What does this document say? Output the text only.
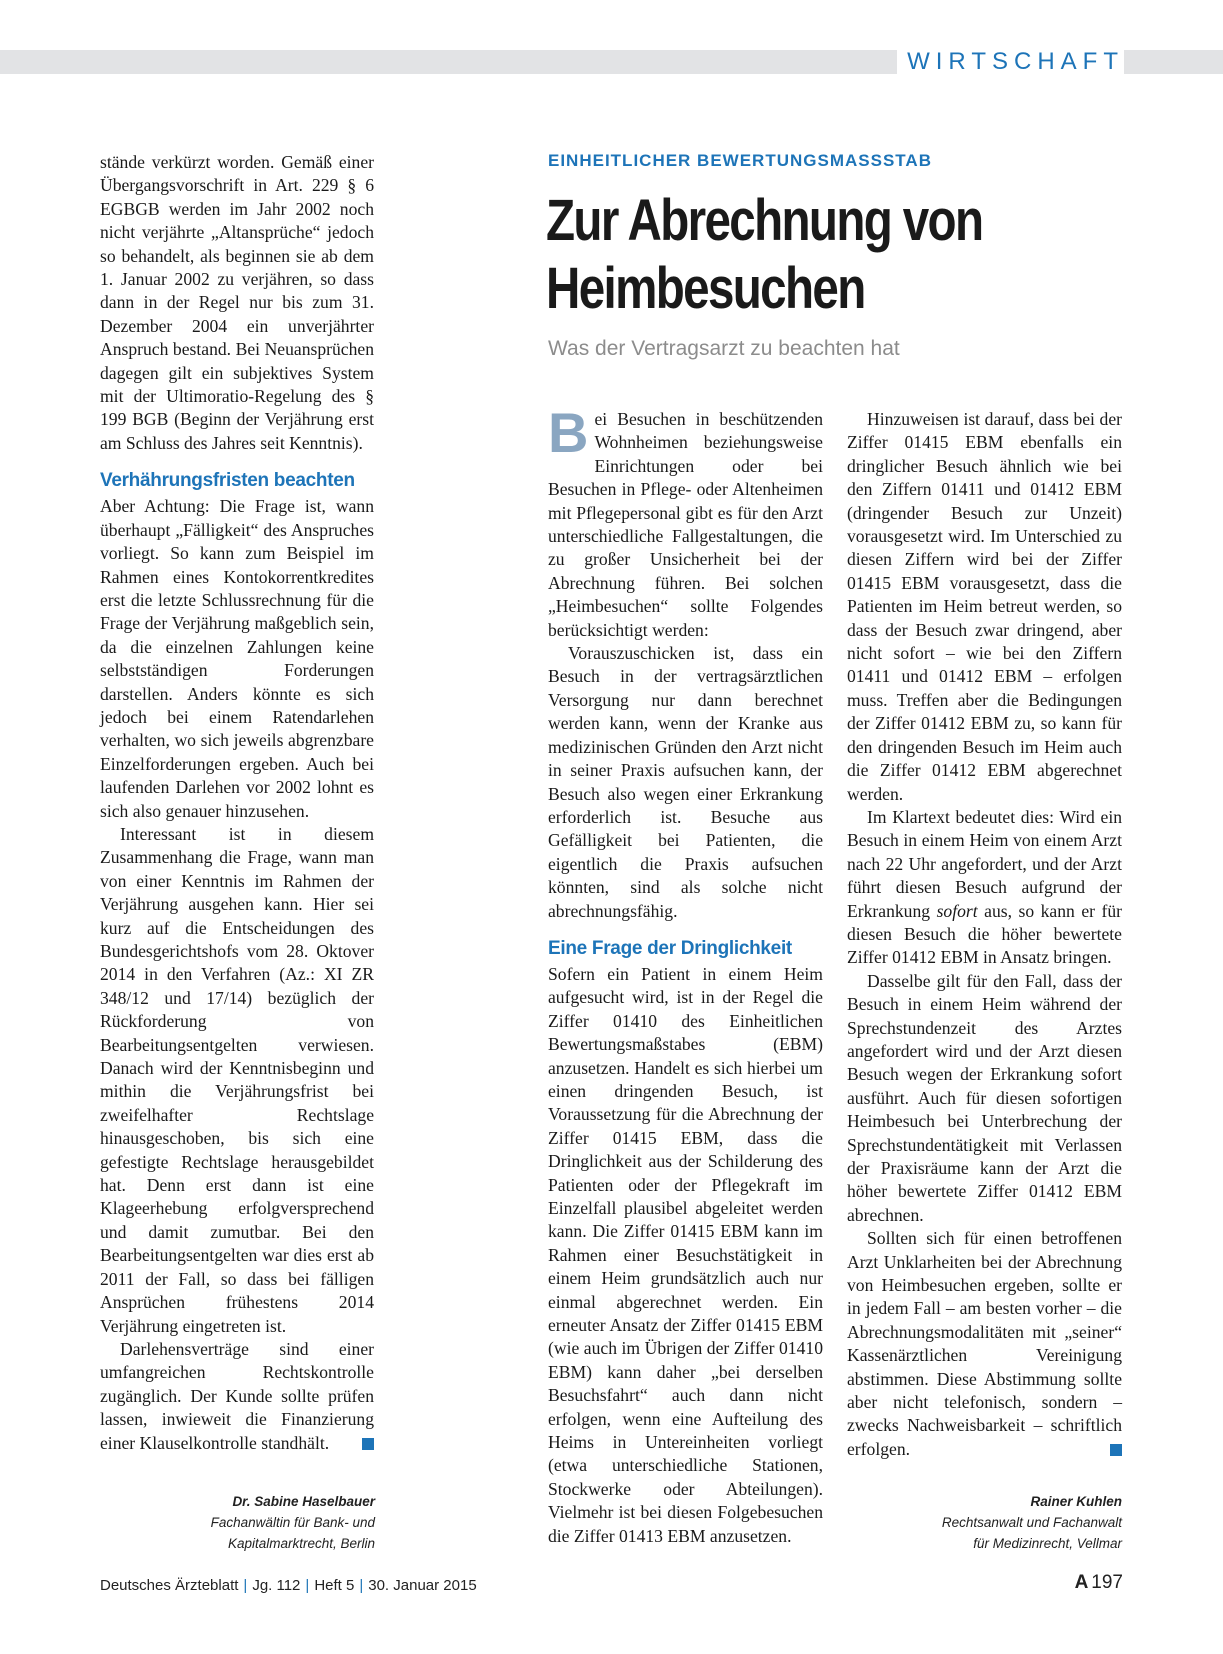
WIRTSCHAFT

stände verkürzt worden. Gemäß einer Übergangsvorschrift in Art. 229 § 6 EGBGB werden im Jahr 2002 noch nicht verjährte „Altansprüche“ jedoch so behandelt, als beginnen sie ab dem 1. Januar 2002 zu verjähren, so dass dann in der Regel nur bis zum 31. Dezember 2004 ein unverjährter Anspruch bestand. Bei Neuansprüchen dagegen gilt ein subjektives System mit der Ultimoratio-Regelung des § 199 BGB (Beginn der Verjährung erst am Schluss des Jahres seit Kenntnis).

Verhährungsfristen beachten

Aber Achtung: Die Frage ist, wann überhaupt „Fälligkeit“ des Anspruches vorliegt. So kann zum Beispiel im Rahmen eines Kontokorrentkredites erst die letzte Schlussrechnung für die Frage der Verjährung maßgeblich sein, da die einzelnen Zahlungen keine selbstständigen Forderungen darstellen. Anders könnte es sich jedoch bei einem Ratendarlehen verhalten, wo sich jeweils abgrenzbare Einzelforderungen ergeben. Auch bei laufenden Darlehen vor 2002 lohnt es sich also genauer hinzusehen.

Interessant ist in diesem Zusammenhang die Frage, wann man von einer Kenntnis im Rahmen der Verjährung ausgehen kann. Hier sei kurz auf die Entscheidungen des Bundesgerichtshofs vom 28. Oktover 2014 in den Verfahren (Az.: XI ZR 348/12 und 17/14) bezüglich der Rückforderung von Bearbeitungsentgelten verwiesen. Danach wird der Kenntnisbeginn und mithin die Verjährungsfrist bei zweifelhafter Rechtslage hinausgeschoben, bis sich eine gefestigte Rechtslage herausgebildet hat. Denn erst dann ist eine Klageerhebung erfolgversprechend und damit zumutbar. Bei den Bearbeitungsentgelten war dies erst ab 2011 der Fall, so dass bei fälligen Ansprüchen frühestens 2014 Verjährung eingetreten ist.

Darlehensverträge sind einer umfangreichen Rechtskontrolle zugänglich. Der Kunde sollte prüfen lassen, inwieweit die Finanzierung einer Klauselkontrolle standhält.

Dr. Sabine Haselbauer
Fachanwältin für Bank- und
Kapitalmarktrecht, Berlin
EINHEITLICHER BEWERTUNGSMASSSTAB
Zur Abrechnung von
Heimbesuchen
Was der Vertragsarzt zu beachten hat

Bei Besuchen in beschützenden Wohnheimen beziehungsweise Einrichtungen oder bei Besuchen in Pflege- oder Altenheimen mit Pflegepersonal gibt es für den Arzt unterschiedliche Fallgestaltungen, die zu großer Unsicherheit bei der Abrechnung führen. Bei solchen „Heimbesuchen“ sollte Folgendes berücksichtigt werden:

Vorauszuschicken ist, dass ein Besuch in der vertragsärztlichen Versorgung nur dann berechnet werden kann, wenn der Kranke aus medizinischen Gründen den Arzt nicht in seiner Praxis aufsuchen kann, der Besuch also wegen einer Erkrankung erforderlich ist. Besuche aus Gefälligkeit bei Patienten, die eigentlich die Praxis aufsuchen könnten, sind als solche nicht abrechnungsfähig.

Eine Frage der Dringlichkeit

Sofern ein Patient in einem Heim aufgesucht wird, ist in der Regel die Ziffer 01410 des Einheitlichen Bewertungsmaßstabes (EBM) anzusetzen. Handelt es sich hierbei um einen dringenden Besuch, ist Voraussetzung für die Abrechnung der Ziffer 01415 EBM, dass die Dringlichkeit aus der Schilderung des Patienten oder der Pflegekraft im Einzelfall plausibel abgeleitet werden kann. Die Ziffer 01415 EBM kann im Rahmen einer Besuchstätigkeit in einem Heim grundsätzlich auch nur einmal abgerechnet werden. Ein erneuter Ansatz der Ziffer 01415 EBM (wie auch im Übrigen der Ziffer 01410 EBM) kann daher „bei derselben Besuchsfahrt“ auch dann nicht erfolgen, wenn eine Aufteilung des Heims in Untereinheiten vorliegt (etwa unterschiedliche Stationen, Stockwerke oder Abteilungen). Vielmehr ist bei diesen Folgebesuchen die Ziffer 01413 EBM anzusetzen.

Hinzuweisen ist darauf, dass bei der Ziffer 01415 EBM ebenfalls ein dringlicher Besuch ähnlich wie bei den Ziffern 01411 und 01412 EBM (dringender Besuch zur Unzeit) vorausgesetzt wird. Im Unterschied zu diesen Ziffern wird bei der Ziffer 01415 EBM vorausgesetzt, dass die Patienten im Heim betreut werden, so dass der Besuch zwar dringend, aber nicht sofort – wie bei den Ziffern 01411 und 01412 EBM – erfolgen muss. Treffen aber die Bedingungen der Ziffer 01412 EBM zu, so kann für den dringenden Besuch im Heim auch die Ziffer 01412 EBM abgerechnet werden.

Im Klartext bedeutet dies: Wird ein Besuch in einem Heim von einem Arzt nach 22 Uhr angefordert, und der Arzt führt diesen Besuch aufgrund der Erkrankung sofort aus, so kann er für diesen Besuch die höher bewertete Ziffer 01412 EBM in Ansatz bringen.

Dasselbe gilt für den Fall, dass der Besuch in einem Heim während der Sprechstundenzeit des Arztes angefordert wird und der Arzt diesen Besuch wegen der Erkrankung sofort ausführt. Auch für diesen sofortigen Heimbesuch bei Unterbrechung der Sprechstundentätigkeit mit Verlassen der Praxisräume kann der Arzt die höher bewertete Ziffer 01412 EBM abrechnen.

Sollten sich für einen betroffenen Arzt Unklarheiten bei der Abrechnung von Heimbesuchen ergeben, sollte er in jedem Fall – am besten vorher – die Abrechnungsmodalitäten mit „seiner“ Kassenärztlichen Vereinigung abstimmen. Diese Abstimmung sollte aber nicht telefonisch, sondern – zwecks Nachweisbarkeit – schriftlich erfolgen.

Rainer Kuhlen
Rechtsanwalt und Fachanwalt
für Medizinrecht, Vellmar
Deutsches Ärzteblatt | Jg. 112 | Heft 5 | 30. Januar 2015	A 197
